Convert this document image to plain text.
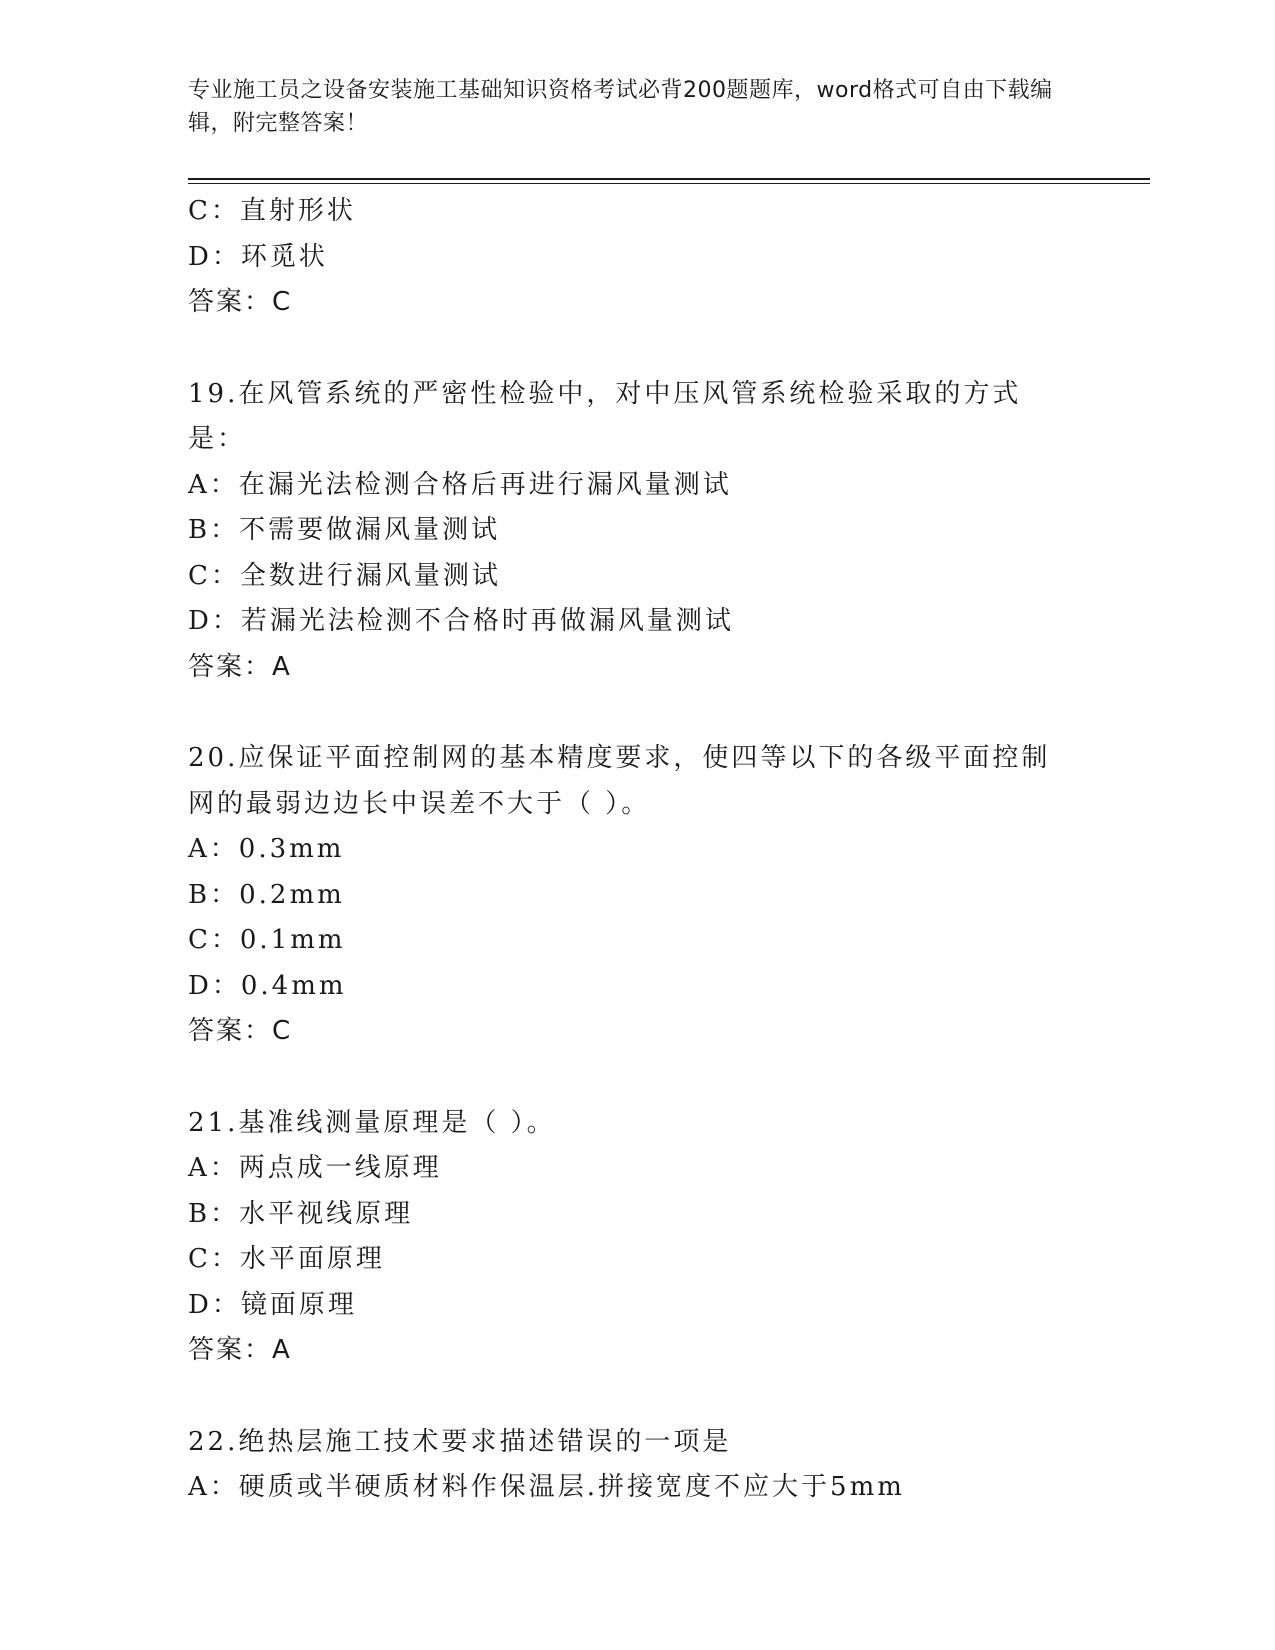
专业施工员之设备安装施工基础知识资格考试必背200题题库，word格式可自由下载编辑，附完整答案！
C：直射形状
D：环觅状
答案：C
19.在风管系统的严密性检验中，对中压风管系统检验采取的方式是：
A：在漏光法检测合格后再进行漏风量测试
B：不需要做漏风量测试
C：全数进行漏风量测试
D：若漏光法检测不合格时再做漏风量测试
答案：A
20.应保证平面控制网的基本精度要求，使四等以下的各级平面控制网的最弱边边长中误差不大于（ ）。
A：0.3mm
B：0.2mm
C：0.1mm
D：0.4mm
答案：C
21.基准线测量原理是（ ）。
A：两点成一线原理
B：水平视线原理
C：水平面原理
D：镜面原理
答案：A
22.绝热层施工技术要求描述错误的一项是
A：硬质或半硬质材料作保温层.拼接宽度不应大于5mm
